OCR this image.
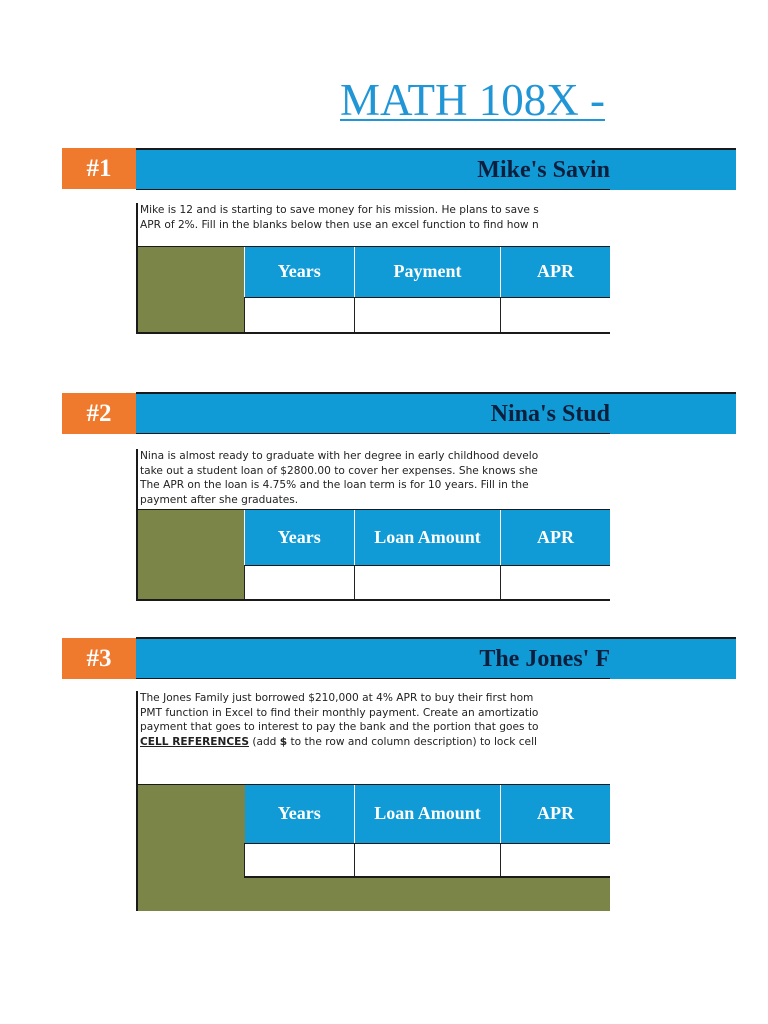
MATH 108X -
#1	Mike's Savin
Mike is 12 and is starting to save money for his mission. He plans to save s
APR of 2%. Fill in the blanks below then use an excel function to find how n
Years	Payment	APR	

#2	Nina's Stud
Nina is almost ready to graduate with her degree in early childhood develo
take out a student loan of $2800.00 to cover her expenses. She knows she
The APR on the loan is 4.75% and the loan term is for 10 years. Fill in the
payment after she graduates.
Years	Loan Amount	APR	

#3	The Jones' F
The Jones Family just borrowed $210,000 at 4% APR to buy their first hom
PMT function in Excel to find their monthly payment. Create an amortizatio
payment that goes to interest to pay the bank and the portion that goes to
CELL REFERENCES (add $ to the row and column description) to lock cell
Years	Loan Amount	APR	
